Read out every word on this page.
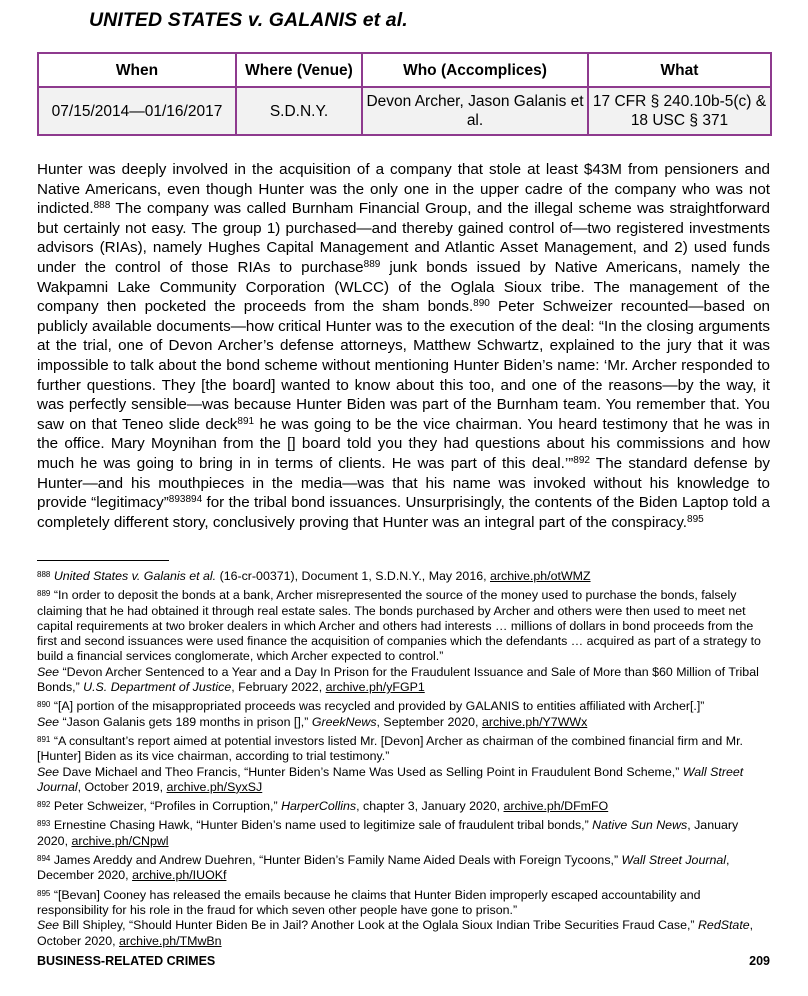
UNITED STATES v. GALANIS et al.
When	Where (Venue)	Who (Accomplices)	What
07/15/2014—01/16/2017	S.D.N.Y.	Devon Archer, Jason Galanis et al.	17 CFR § 240.10b-5(c) & 18 USC § 371

Hunter was deeply involved in the acquisition of a company that stole at least $43M from pensioners and Native Americans, even though Hunter was the only one in the upper cadre of the company who was not indicted.$^{888}$ The company was called Burnham Financial Group, and the illegal scheme was straightforward but certainly not easy. The group 1) purchased—and thereby gained control of—two registered investments advisors (RIAs), namely Hughes Capital Management and Atlantic Asset Management, and 2) used funds under the control of those RIAs to purchase$^{889}$ junk bonds issued by Native Americans, namely the Wakpamni Lake Community Corporation (WLCC) of the Oglala Sioux tribe. The management of the company then pocketed the proceeds from the sham bonds.$^{890}$ Peter Schweizer recounted—based on publicly available documents—how critical Hunter was to the execution of the deal: “In the closing arguments at the trial, one of Devon Archer’s defense attorneys, Matthew Schwartz, explained to the jury that it was impossible to talk about the bond scheme without mentioning Hunter Biden’s name: ‘Mr. Archer responded to further questions. They [the board] wanted to know about this too, and one of the reasons—by the way, it was perfectly sensible—was because Hunter Biden was part of the Burnham team. You remember that. You saw on that Teneo slide deck$^{891}$ he was going to be the vice chairman. You heard testimony that he was in the office. Mary Moynihan from the [] board told you they had questions about his commissions and how much he was going to bring in in terms of clients. He was part of this deal.’”$^{892}$ The standard defense by Hunter—and his mouthpieces in the media—was that his name was invoked without his knowledge to provide “legitimacy”$^{893894}$ for the tribal bond issuances. Unsurprisingly, the contents of the Biden Laptop told a completely different story, conclusively proving that Hunter was an integral part of the conspiracy.$^{895}$

$^{888}$ United States v. Galanis et al. (16-cr-00371), Document 1, S.D.N.Y., May 2016, archive.ph/otWMZ

$^{889}$ “In order to deposit the bonds at a bank, Archer misrepresented the source of the money used to purchase the bonds, falsely claiming that he had obtained it through real estate sales. The bonds purchased by Archer and others were then used to meet net capital requirements at two broker dealers in which Archer and others had interests … millions of dollars in bond proceeds from the first and second issuances were used finance the acquisition of companies which the defendants … acquired as part of a strategy to build a financial services conglomerate, which Archer expected to control.”
See “Devon Archer Sentenced to a Year and a Day In Prison for the Fraudulent Issuance and Sale of More than $60 Million of Tribal Bonds,” U.S. Department of Justice, February 2022, archive.ph/yFGP1

$^{890}$ “[A] portion of the misappropriated proceeds was recycled and provided by GALANIS to entities affiliated with Archer[.]”
See “Jason Galanis gets 189 months in prison [],” GreekNews, September 2020, archive.ph/Y7WWx

$^{891}$ “A consultant’s report aimed at potential investors listed Mr. [Devon] Archer as chairman of the combined financial firm and Mr. [Hunter] Biden as its vice chairman, according to trial testimony.”
See Dave Michael and Theo Francis, “Hunter Biden’s Name Was Used as Selling Point in Fraudulent Bond Scheme,” Wall Street Journal, October 2019, archive.ph/SyxSJ

$^{892}$ Peter Schweizer, “Profiles in Corruption,” HarperCollins, chapter 3, January 2020, archive.ph/DFmFO

$^{893}$ Ernestine Chasing Hawk, “Hunter Biden’s name used to legitimize sale of fraudulent tribal bonds,” Native Sun News, January 2020, archive.ph/CNpwl

$^{894}$ James Areddy and Andrew Duehren, “Hunter Biden’s Family Name Aided Deals with Foreign Tycoons,” Wall Street Journal, December 2020, archive.ph/IUOKf

$^{895}$ “[Bevan] Cooney has released the emails because he claims that Hunter Biden improperly escaped accountability and responsibility for his role in the fraud for which seven other people have gone to prison.”
See Bill Shipley, “Should Hunter Biden Be in Jail? Another Look at the Oglala Sioux Indian Tribe Securities Fraud Case,” RedState, October 2020, archive.ph/TMwBn

BUSINESS-RELATED CRIMES	209
